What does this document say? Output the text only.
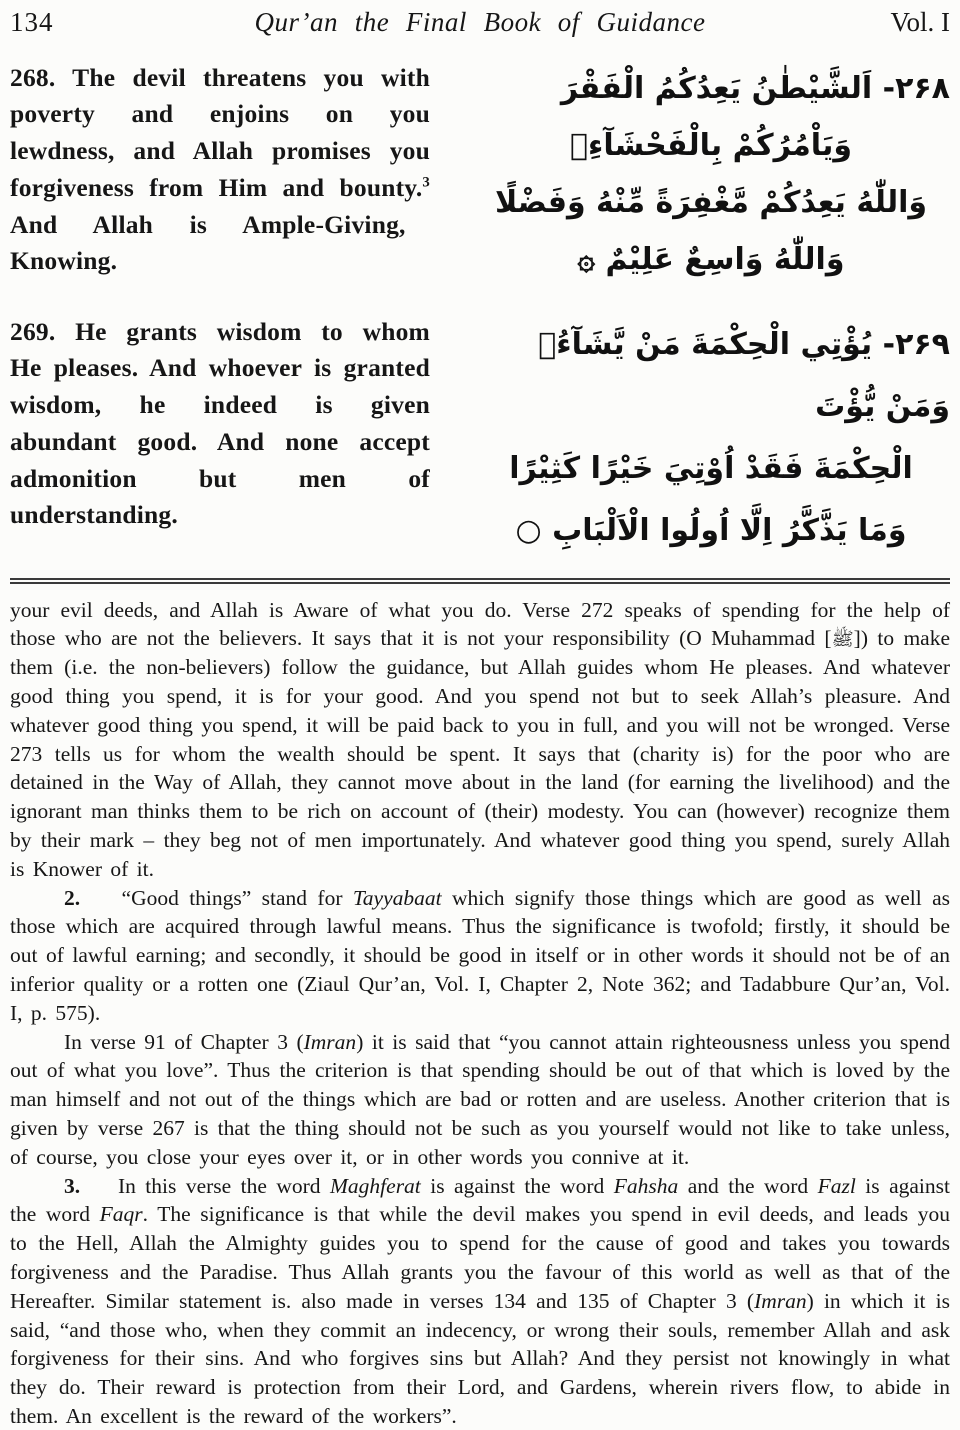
134	Qur’an the Final Book of Guidance	Vol. I

268. The devil threatens you with poverty and enjoins on you lewdness, and Allah promises you forgiveness from Him and bounty.$^3$ And Allah is Ample-Giving, Knowing.

۲۶۸- اَلشَّيْطٰنُ يَعِدُكُمُ الْفَقْرَ
وَيَاْمُرُكُمْ بِالْفَحْشَآءِۚ
وَاللّٰهُ يَعِدُكُمْ مَّغْفِرَةً مِّنْهُ وَفَضْلًا
وَاللّٰهُ وَاسِعٌ عَلِيْمٌ ۞

269. He grants wisdom to whom He pleases. And whoever is granted wisdom, he indeed is given abundant good. And none accept admonition but men of understanding.

۲۶۹- يُؤْتِي الْحِكْمَةَ مَنْ يَّشَآءُۚ وَمَنْ يُّؤْتَ
الْحِكْمَةَ فَقَدْ اُوْتِيَ خَيْرًا كَثِيْرًا
وَمَا يَذَّكَّرُ اِلَّا اُولُوا الْاَلْبَابِ ○

your evil deeds, and Allah is Aware of what you do. Verse 272 speaks of spending for the help of those who are not the believers. It says that it is not your responsibility (O Muhammad [ﷺ]) to make them (i.e. the non-believers) follow the guidance, but Allah guides whom He pleases. And whatever good thing you spend, it is for your good. And you spend not but to seek Allah’s pleasure. And whatever good thing you spend, it will be paid back to you in full, and you will not be wronged. Verse 273 tells us for whom the wealth should be spent. It says that (charity is) for the poor who are detained in the Way of Allah, they cannot move about in the land (for earning the livelihood) and the ignorant man thinks them to be rich on account of (their) modesty. You can (however) recognize them by their mark – they beg not of men importunately. And whatever good thing you spend, surely Allah is Knower of it.

2.    “Good things” stand for Tayyabaat which signify those things which are good as well as those which are acquired through lawful means. Thus the significance is twofold; firstly, it should be out of lawful earning; and secondly, it should be good in itself or in other words it should not be of an inferior quality or a rotten one (Ziaul Qur’an, Vol. I, Chapter 2, Note 362; and Tadabbure Qur’an, Vol. I, p. 575).

In verse 91 of Chapter 3 (Imran) it is said that “you cannot attain righteousness unless you spend out of what you love”. Thus the criterion is that spending should be out of that which is loved by the man himself and not out of the things which are bad or rotten and are useless. Another criterion that is given by verse 267 is that the thing should not be such as you yourself would not like to take unless, of course, you close your eyes over it, or in other words you connive at it.

3.    In this verse the word Maghferat is against the word Fahsha and the word Fazl is against the word Faqr. The significance is that while the devil makes you spend in evil deeds, and leads you to the Hell, Allah the Almighty guides you to spend for the cause of good and takes you towards forgiveness and the Paradise. Thus Allah grants you the favour of this world as well as that of the Hereafter. Similar statement is. also made in verses 134 and 135 of Chapter 3 (Imran) in which it is said, “and those who, when they commit an indecency, or wrong their souls, remember Allah and ask forgiveness for their sins. And who forgives sins but Allah? And they persist not knowingly in what they do. Their reward is protection from their Lord, and Gardens, wherein rivers flow, to abide in them. An excellent is the reward of the workers”.
